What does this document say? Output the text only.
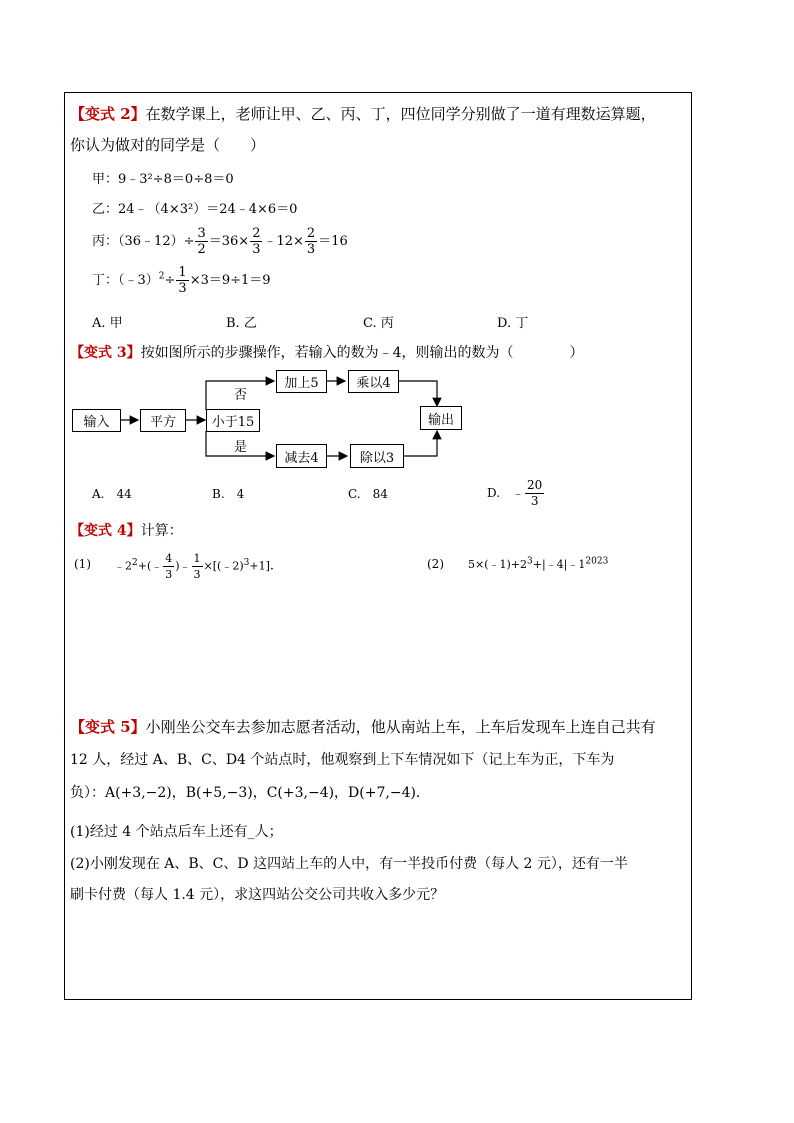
【变式 2】在数学课上，老师让甲、乙、丙、丁，四位同学分别做了一道有理数运算题，
你认为做对的同学是（　　）
甲：9﹣3²÷8＝0÷8＝0
乙：24﹣（4×3²）＝24﹣4×6＝0
丙：（36﹣12）÷ $\frac{3}{2} =36\times \frac{2}{3}$ ﹣12× $\frac{2}{3} =16$
丁：（﹣3）$^2$÷ $\frac{1}{3} \times 3=9\div 1=9$
A. 甲	B. 乙	C. 丙	D. 丁
【变式 3】按如图所示的步骤操作，若输入的数为﹣4，则输出的数为（　　　　）
输入	平方	小于15
加上5	乘以4
减去4	除以3
输出
否
是
A.　44	B.　4	C.　84	D.　﹣ $\frac{20}{3}$
【变式 4】计算：
(1) $﹣2^2+(﹣ \frac{4}{3}$ )﹣ $\frac{1}{3}$ ×[(﹣2)$^3$+1].	(2) $5\times(﹣1)+2^3+|﹣4|﹣1^{2023}$
【变式 5】小刚坐公交车去参加志愿者活动，他从南站上车，上车后发现车上连自己共有
12 人，经过 A、B、C、D4 个站点时，他观察到上下车情况如下（记上车为正，下车为
负）：A(+3,−2)，B(+5,−3)，C(+3,−4)，D(+7,−4).
(1)经过 4 个站点后车上还有_人；
(2)小刚发现在 A、B、C、D 这四站上车的人中，有一半投币付费（每人 2 元），还有一半
刷卡付费（每人 1.4 元），求这四站公交公司共收入多少元？
